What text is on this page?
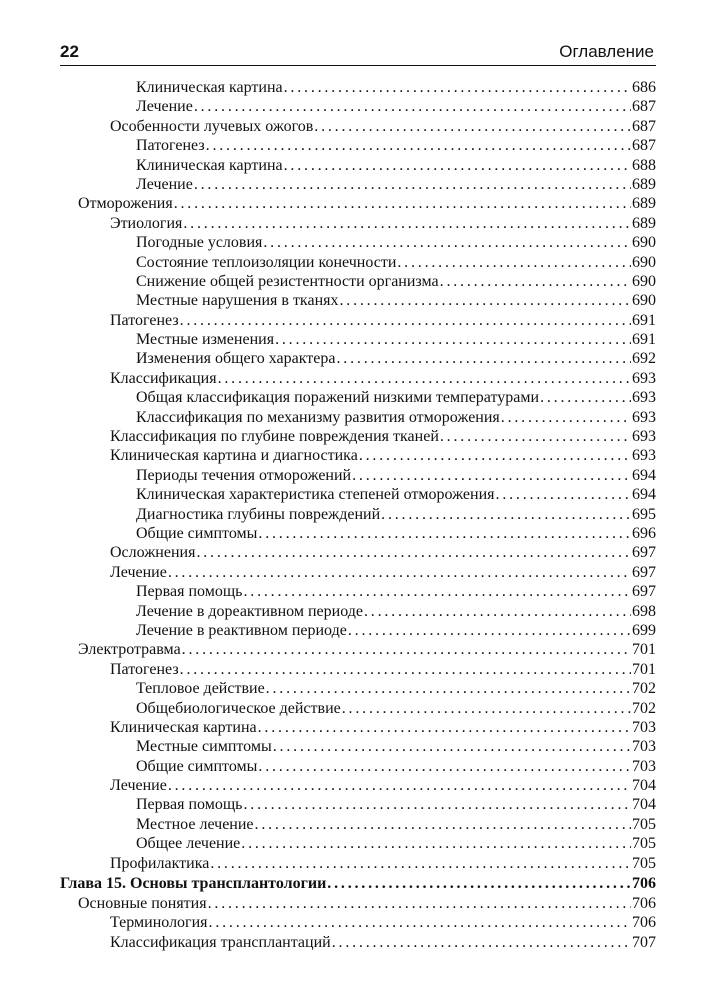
22	Оглавление
Клиническая картина . . .	686
Лечение . . .	687
Особенности лучевых ожогов . . .	687
Патогенез . . .	687
Клиническая картина . . .	688
Лечение . . .	689
Отморожения . . .	689
Этиология . . .	689
Погодные условия . . .	690
Состояние теплоизоляции конечности . . .	690
Снижение общей резистентности организма . . .	690
Местные нарушения в тканях . . .	690
Патогенез . . .	691
Местные изменения . . .	691
Изменения общего характера . . .	692
Классификация . . .	693
Общая классификация поражений низкими температурами . . .	693
Классификация по механизму развития отморожения . . .	693
Классификация по глубине повреждения тканей . . .	693
Клиническая картина и диагностика . . .	693
Периоды течения отморожений . . .	694
Клиническая характеристика степеней отморожения . . .	694
Диагностика глубины повреждений . . .	695
Общие симптомы . . .	696
Осложнения . . .	697
Лечение . . .	697
Первая помощь . . .	697
Лечение в дореактивном периоде . . .	698
Лечение в реактивном периоде . . .	699
Электротравма . . .	701
Патогенез . . .	701
Тепловое действие . . .	702
Общебиологическое действие . . .	702
Клиническая картина . . .	703
Местные симптомы . . .	703
Общие симптомы . . .	703
Лечение . . .	704
Первая помощь . . .	704
Местное лечение . . .	705
Общее лечение . . .	705
Профилактика . . .	705
Глава 15. Основы трансплантологии . . .	706
Основные понятия . . .	706
Терминология . . .	706
Классификация трансплантаций . . .	707
